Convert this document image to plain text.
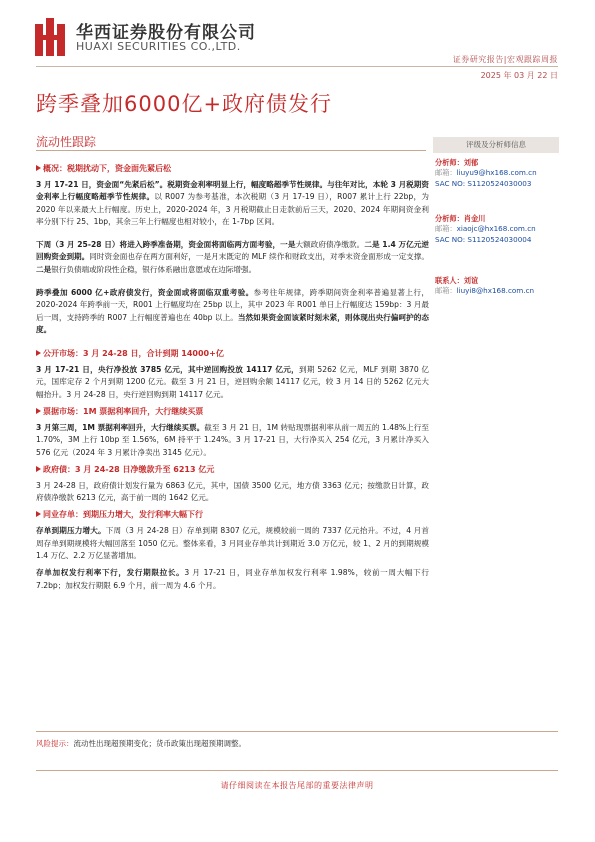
华西证券股份有限公司
HUAXI SECURITIES CO.,LTD.
证券研究报告|宏观跟踪周报
2025 年 03 月 22 日
跨季叠加6000亿+政府债发行
流动性跟踪
概况：税期扰动下，资金面先紧后松
3 月 17-21 日，资金面“先紧后松”。税期资金利率明显上行，幅度略超季节性规律。与往年对比，本轮 3 月税期资金利率上行幅度略超季节性规律。以 R007 为参考基准，本次税期（3 月 17-19 日），R007 累计上行 22bp，为 2020 年以来最大上行幅度。历史上，2020-2024 年，3 月税期截止日走款前后三天，2020、2024 年期间资金利率分别下行 25、1bp，其余三年上行幅度也相对较小，在 1-7bp 区间。
下周（3 月 25-28 日）将进入跨季准备期，资金面将面临两方面考验，一是大额政府债净缴款。二是 1.4 万亿元逆回购资金到期。同时资金面也存在两方面利好，一是月末既定的 MLF 续作和财政支出，对季末资金面形成一定支撑。二是银行负债端或阶段性企稳，银行体系融出意愿或在边际增强。
跨季叠加 6000 亿+政府债发行，资金面或将面临双重考验。参考往年规律，跨季期间资金利率普遍显著上行，2020-2024 年跨季前一天，R001 上行幅度均在 25bp 以上，其中 2023 年 R001 单日上行幅度达 159bp：3 月最后一周，支持跨季的 R007 上行幅度普遍也在 40bp 以上。当然如果资金面该紧时刻未紧，则体现出央行偏呵护的态度。
公开市场：3 月 24-28 日，合计到期 14000+亿
3 月 17-21 日，央行净投放 3785 亿元，其中逆回购投放 14117 亿元，到期 5262 亿元，MLF 到期 3870 亿元，国库定存 2 个月到期 1200 亿元。截至 3 月 21 日，逆回购余额 14117 亿元，较 3 月 14 日的 5262 亿元大幅抬升。3 月 24-28 日，央行逆回购到期 14117 亿元。
票据市场：1M 票据利率回升，大行继续买票
3 月第三周，1M 票据利率回升，大行继续买票。截至 3 月 21 日，1M 转贴现票据利率从前一周五的 1.48%上行至 1.70%，3M 上行 10bp 至 1.56%，6M 持平于 1.24%。3 月 17-21 日，大行净买入 254 亿元，3 月累计净买入 576 亿元（2024 年 3 月累计净卖出 3145 亿元）。
政府债：3 月 24-28 日净缴款升至 6213 亿元
3 月 24-28 日，政府债计划发行量为 6863 亿元，其中，国债 3500 亿元，地方债 3363 亿元；按缴款日计算，政府债净缴款 6213 亿元，高于前一周的 1642 亿元。
同业存单：到期压力增大，发行利率大幅下行
存单到期压力增大。下周（3 月 24-28 日）存单到期 8307 亿元，规模较前一周的 7337 亿元抬升。不过，4 月首周存单到期规模将大幅回落至 1050 亿元。整体来看，3 月同业存单共计到期近 3.0 万亿元，较 1、2 月的到期规模 1.4 万亿、2.2 万亿显著增加。
存单加权发行利率下行，发行期限拉长。3 月 17-21 日，同业存单加权发行利率 1.98%，较前一周大幅下行 7.2bp；加权发行期限 6.9 个月，前一周为 4.6 个月。
评级及分析师信息
分析师：刘郁
邮箱：liuyu9@hx168.com.cn
SAC NO: S1120524030003
分析师：肖金川
邮箱：xiaojc@hx168.com.cn
SAC NO: S1120524030004
联系人：刘谊
邮箱：liuyi8@hx168.com.cn
风险提示：流动性出现超预期变化；货币政策出现超预期调整。
请仔细阅读在本报告尾部的重要法律声明
